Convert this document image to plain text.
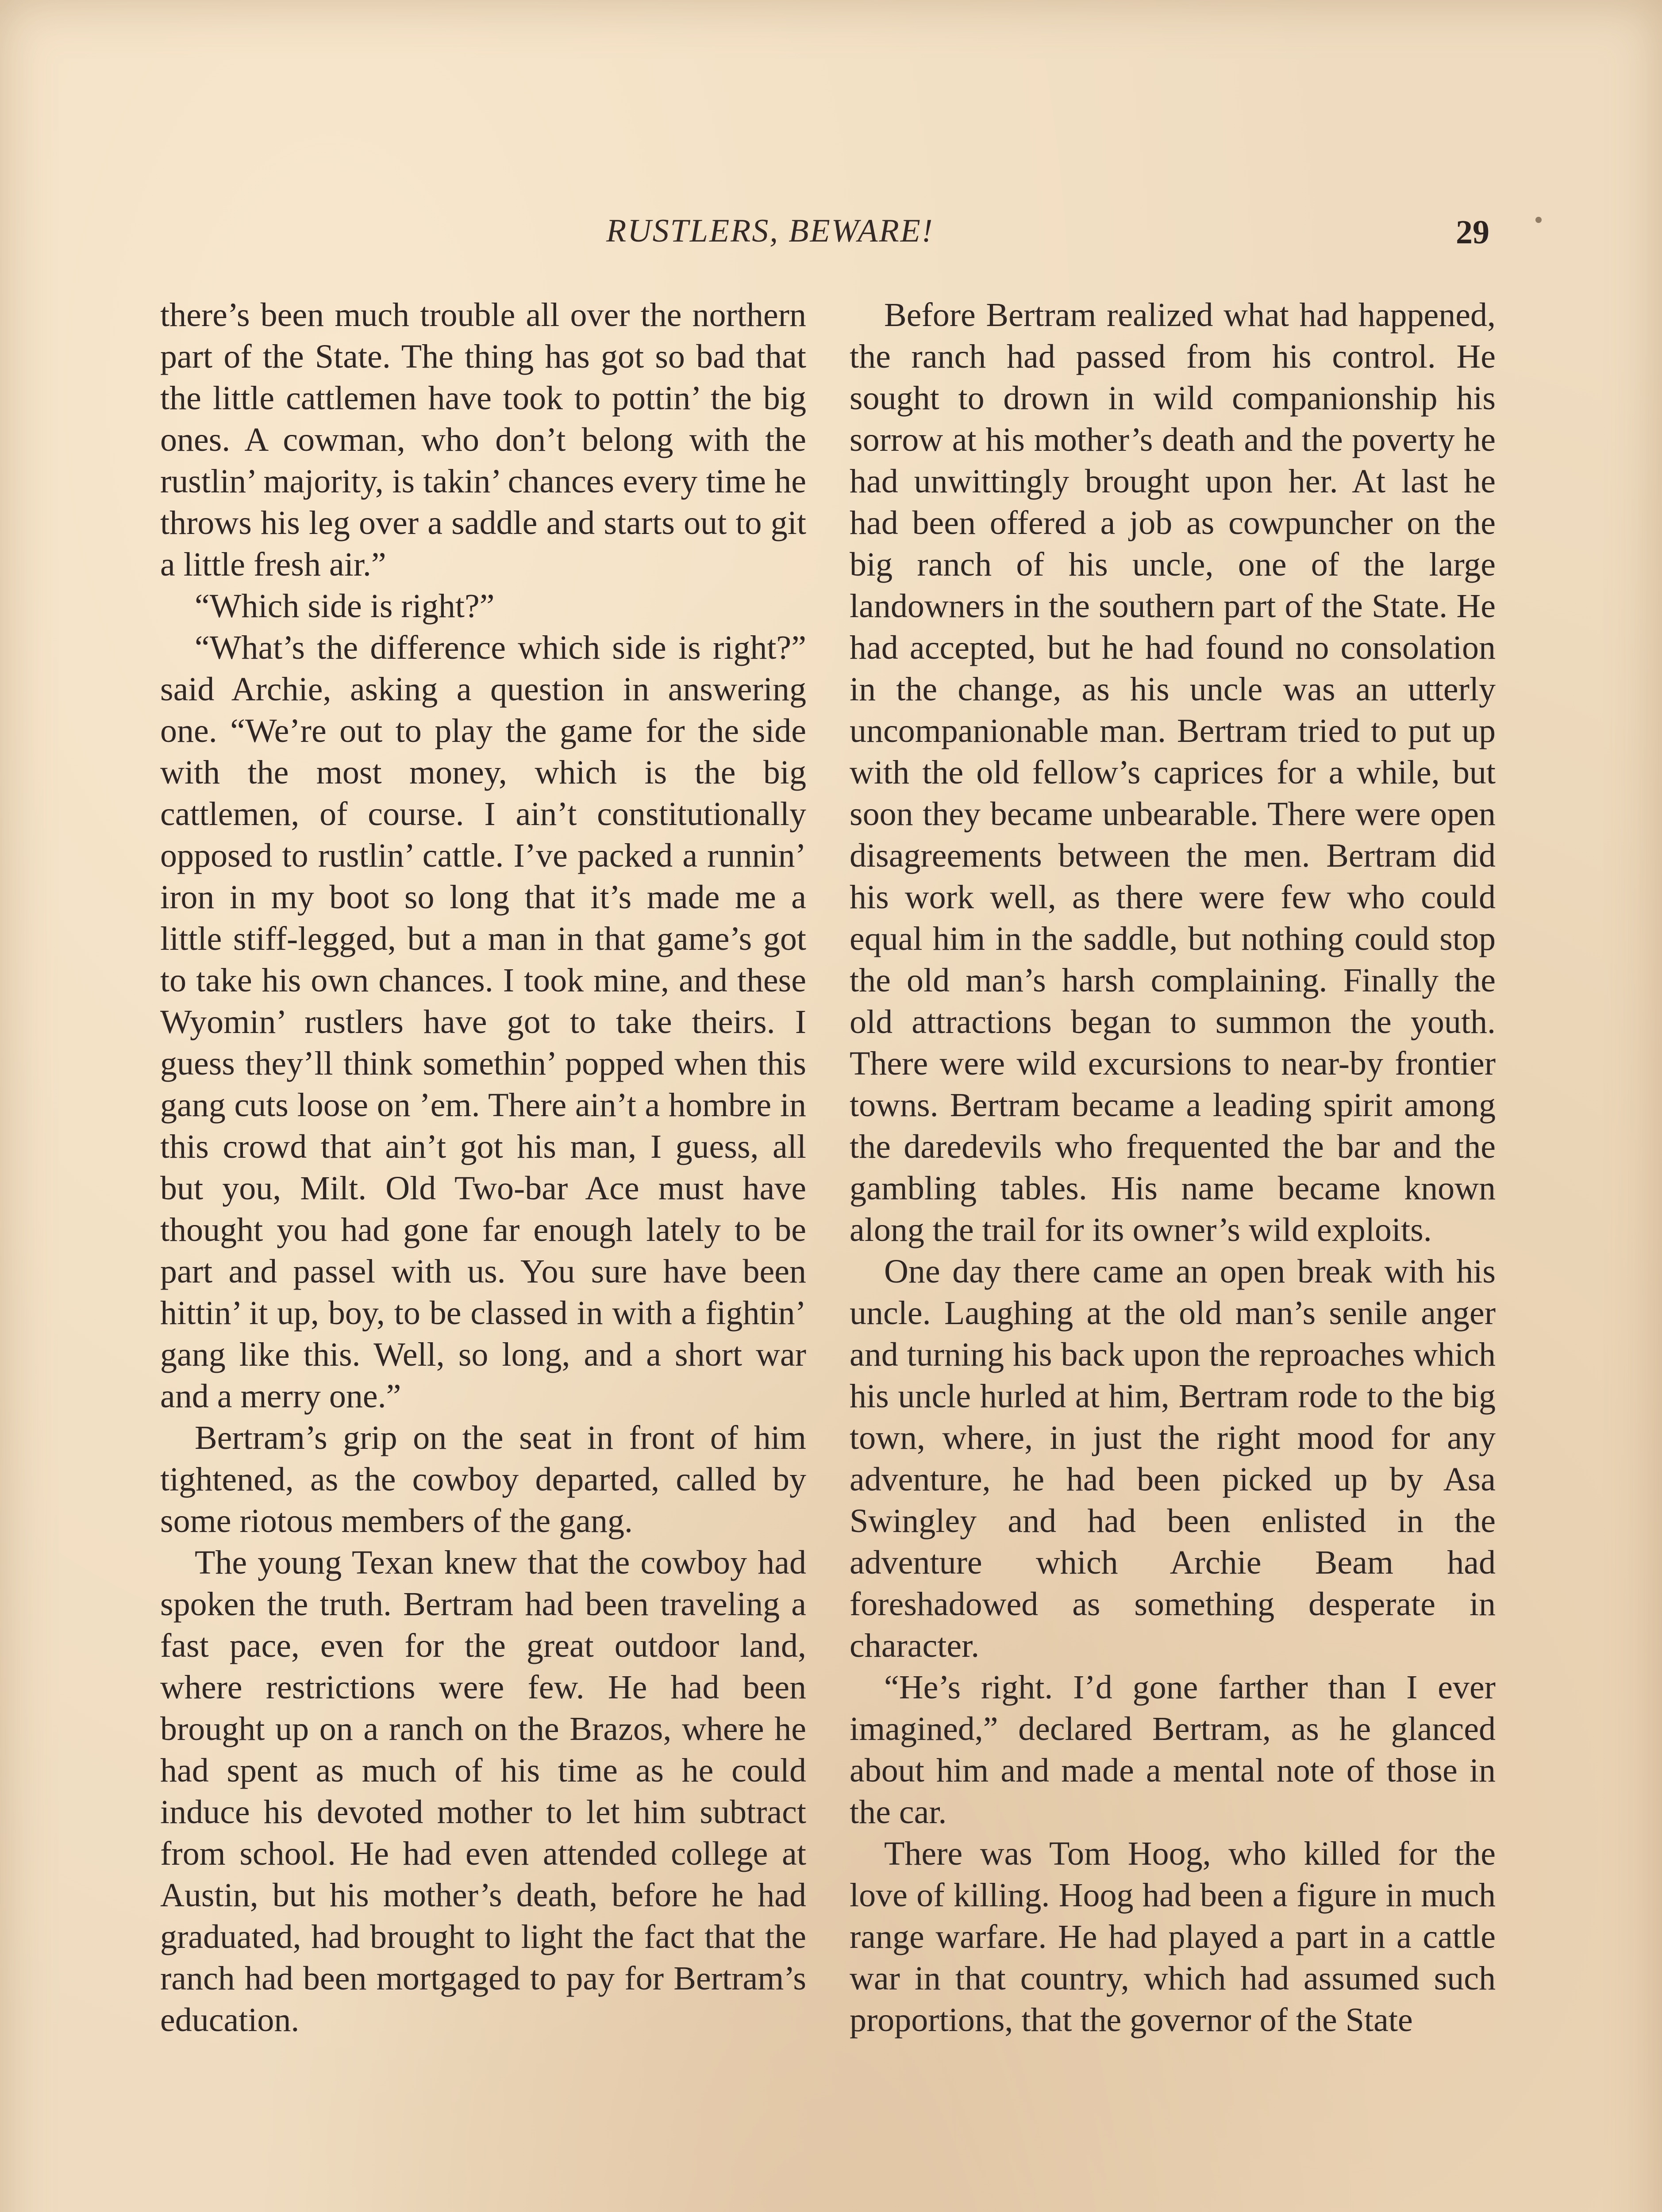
RUSTLERS, BEWARE!	29

there’s been much trouble all over the northern part of the State. The thing has got so bad that the little cattlemen have took to pottin’ the big ones. A cowman, who don’t belong with the rustlin’ majority, is takin’ chances every time he throws his leg over a saddle and starts out to git a little fresh air.”

“Which side is right?”

“What’s the difference which side is right?” said Archie, asking a question in answering one. “We’re out to play the game for the side with the most money, which is the big cattlemen, of course. I ain’t constitutionally opposed to rustlin’ cattle. I’ve packed a runnin’ iron in my boot so long that it’s made me a little stiff-legged, but a man in that game’s got to take his own chances. I took mine, and these Wyomin’ rustlers have got to take theirs. I guess they’ll think somethin’ popped when this gang cuts loose on ’em. There ain’t a hombre in this crowd that ain’t got his man, I guess, all but you, Milt. Old Two-bar Ace must have thought you had gone far enough lately to be part and passel with us. You sure have been hittin’ it up, boy, to be classed in with a fightin’ gang like this. Well, so long, and a short war and a merry one.”

Bertram’s grip on the seat in front of him tightened, as the cowboy departed, called by some riotous members of the gang.

The young Texan knew that the cowboy had spoken the truth. Bertram had been traveling a fast pace, even for the great outdoor land, where restrictions were few. He had been brought up on a ranch on the Brazos, where he had spent as much of his time as he could induce his devoted mother to let him subtract from school. He had even attended college at Austin, but his mother’s death, before he had graduated, had brought to light the fact that the ranch had been mortgaged to pay for Bertram’s education.

Before Bertram realized what had happened, the ranch had passed from his control. He sought to drown in wild companionship his sorrow at his mother’s death and the poverty he had unwittingly brought upon her. At last he had been offered a job as cowpuncher on the big ranch of his uncle, one of the large landowners in the southern part of the State. He had accepted, but he had found no consolation in the change, as his uncle was an utterly uncompanionable man. Bertram tried to put up with the old fellow’s caprices for a while, but soon they became unbearable. There were open disagreements between the men. Bertram did his work well, as there were few who could equal him in the saddle, but nothing could stop the old man’s harsh complaining. Finally the old attractions began to summon the youth. There were wild excursions to near-by frontier towns. Bertram became a leading spirit among the daredevils who frequented the bar and the gambling tables. His name became known along the trail for its owner’s wild exploits.

One day there came an open break with his uncle. Laughing at the old man’s senile anger and turning his back upon the reproaches which his uncle hurled at him, Bertram rode to the big town, where, in just the right mood for any adventure, he had been picked up by Asa Swingley and had been enlisted in the adventure which Archie Beam had foreshadowed as something desperate in character.

“He’s right. I’d gone farther than I ever imagined,” declared Bertram, as he glanced about him and made a mental note of those in the car.

There was Tom Hoog, who killed for the love of killing. Hoog had been a figure in much range warfare. He had played a part in a cattle war in that country, which had assumed such proportions, that the governor of the State
